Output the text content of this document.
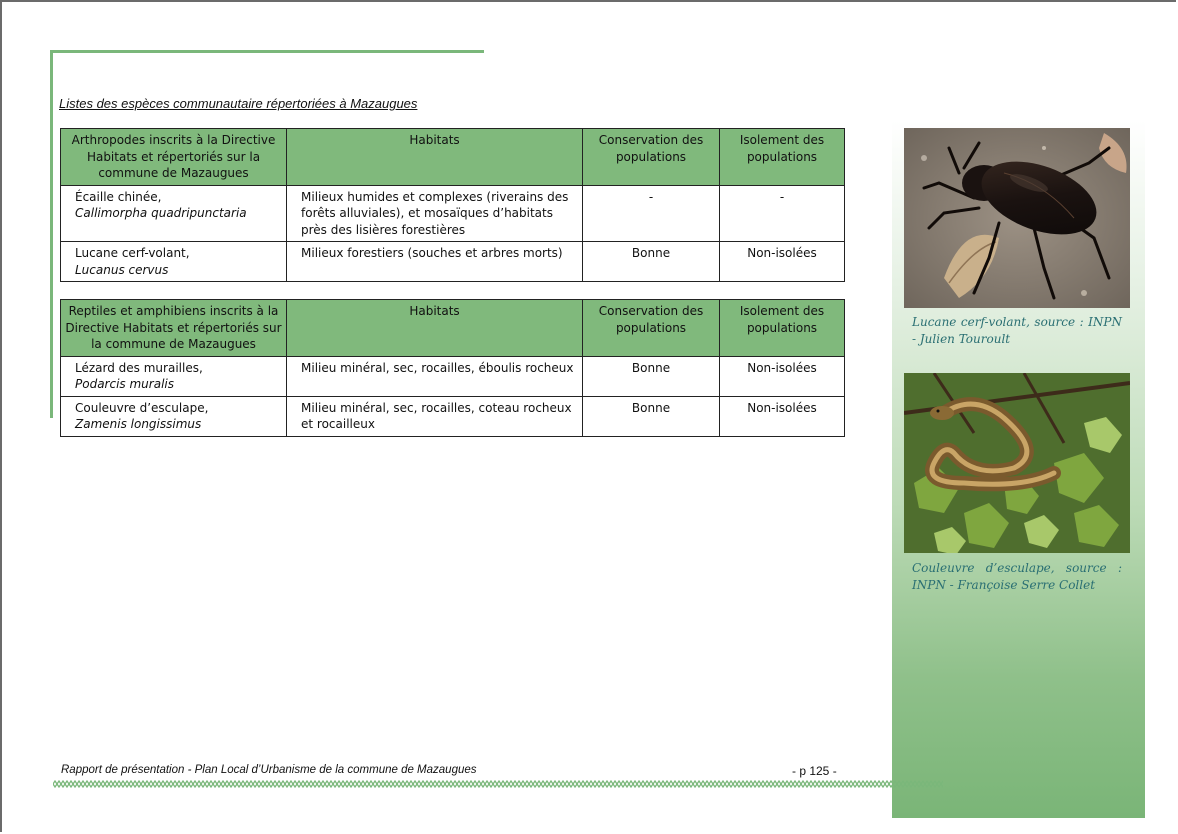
Listes des espèces communautaire répertoriées à Mazaugues
Arthropodes inscrits à la Directive Habitats et répertoriés sur la commune de Mazaugues	Habitats	Conservation des populations	Isolement des populations
Écaille chinée,
Callimorpha quadripunctaria	Milieux humides et complexes (riverains des forêts alluviales), et mosaïques d’habitats près des lisières forestières	-	-
Lucane cerf-volant,
Lucanus cervus	Milieux forestiers (souches et arbres morts)	Bonne	Non-isolées
Reptiles et amphibiens inscrits à la Directive Habitats et répertoriés sur la commune de Mazaugues	Habitats	Conservation des populations	Isolement des populations
Lézard des murailles,
Podarcis muralis	Milieu minéral, sec, rocailles, éboulis rocheux	Bonne	Non-isolées
Couleuvre d’esculape,
Zamenis longissimus	Milieu minéral, sec, rocailles, coteau rocheux et rocailleux	Bonne	Non-isolées
Lucane cerf-volant, source : INPN - Julien Touroult
Couleuvre d’esculape, source : INPN - Françoise Serre Collet
Rapport de présentation - Plan Local d’Urbanisme de la commune de Mazaugues	- p 125 -
